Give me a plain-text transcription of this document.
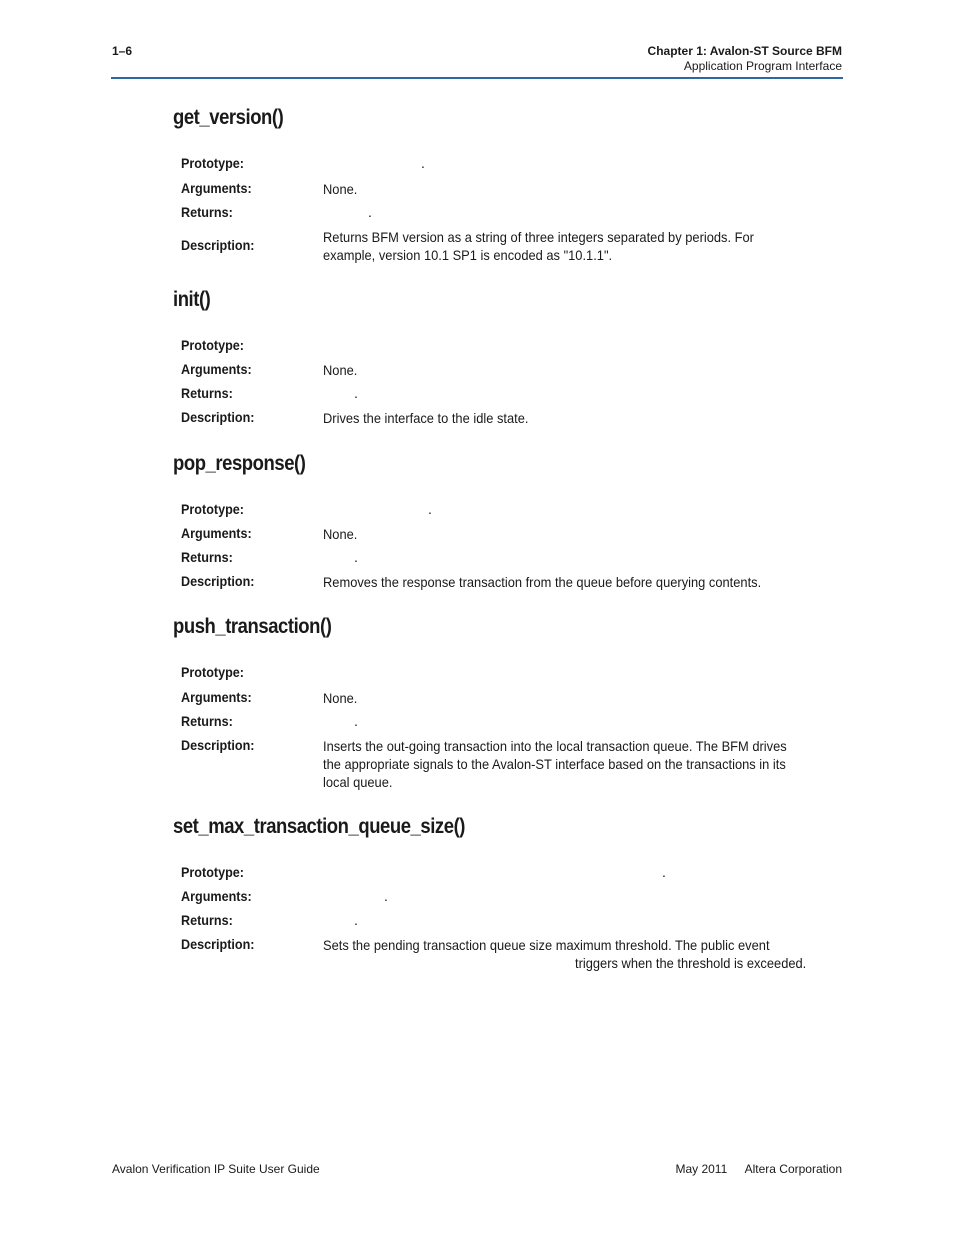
1–6	Chapter 1: Avalon-ST Source BFM
Application Program Interface
get_version()
Prototype:	.
Arguments:	None.
Returns:	.
Description:	Returns BFM version as a string of three integers separated by periods. For example, version 10.1 SP1 is encoded as "10.1.1".
init()
Prototype:
Arguments:	None.
Returns:	.
Description:	Drives the interface to the idle state.
pop_response()
Prototype:	.
Arguments:	None.
Returns:	.
Description:	Removes the response transaction from the queue before querying contents.
push_transaction()
Prototype:
Arguments:	None.
Returns:	.
Description:	Inserts the out-going transaction into the local transaction queue. The BFM drives the appropriate signals to the Avalon-ST interface based on the transactions in its local queue.
set_max_transaction_queue_size()
Prototype:	.
Arguments:	.
Returns:	.
Description:	Sets the pending transaction queue size maximum threshold. The public event
triggers when the threshold is exceeded.
Avalon Verification IP Suite User Guide	May 2011 Altera Corporation
